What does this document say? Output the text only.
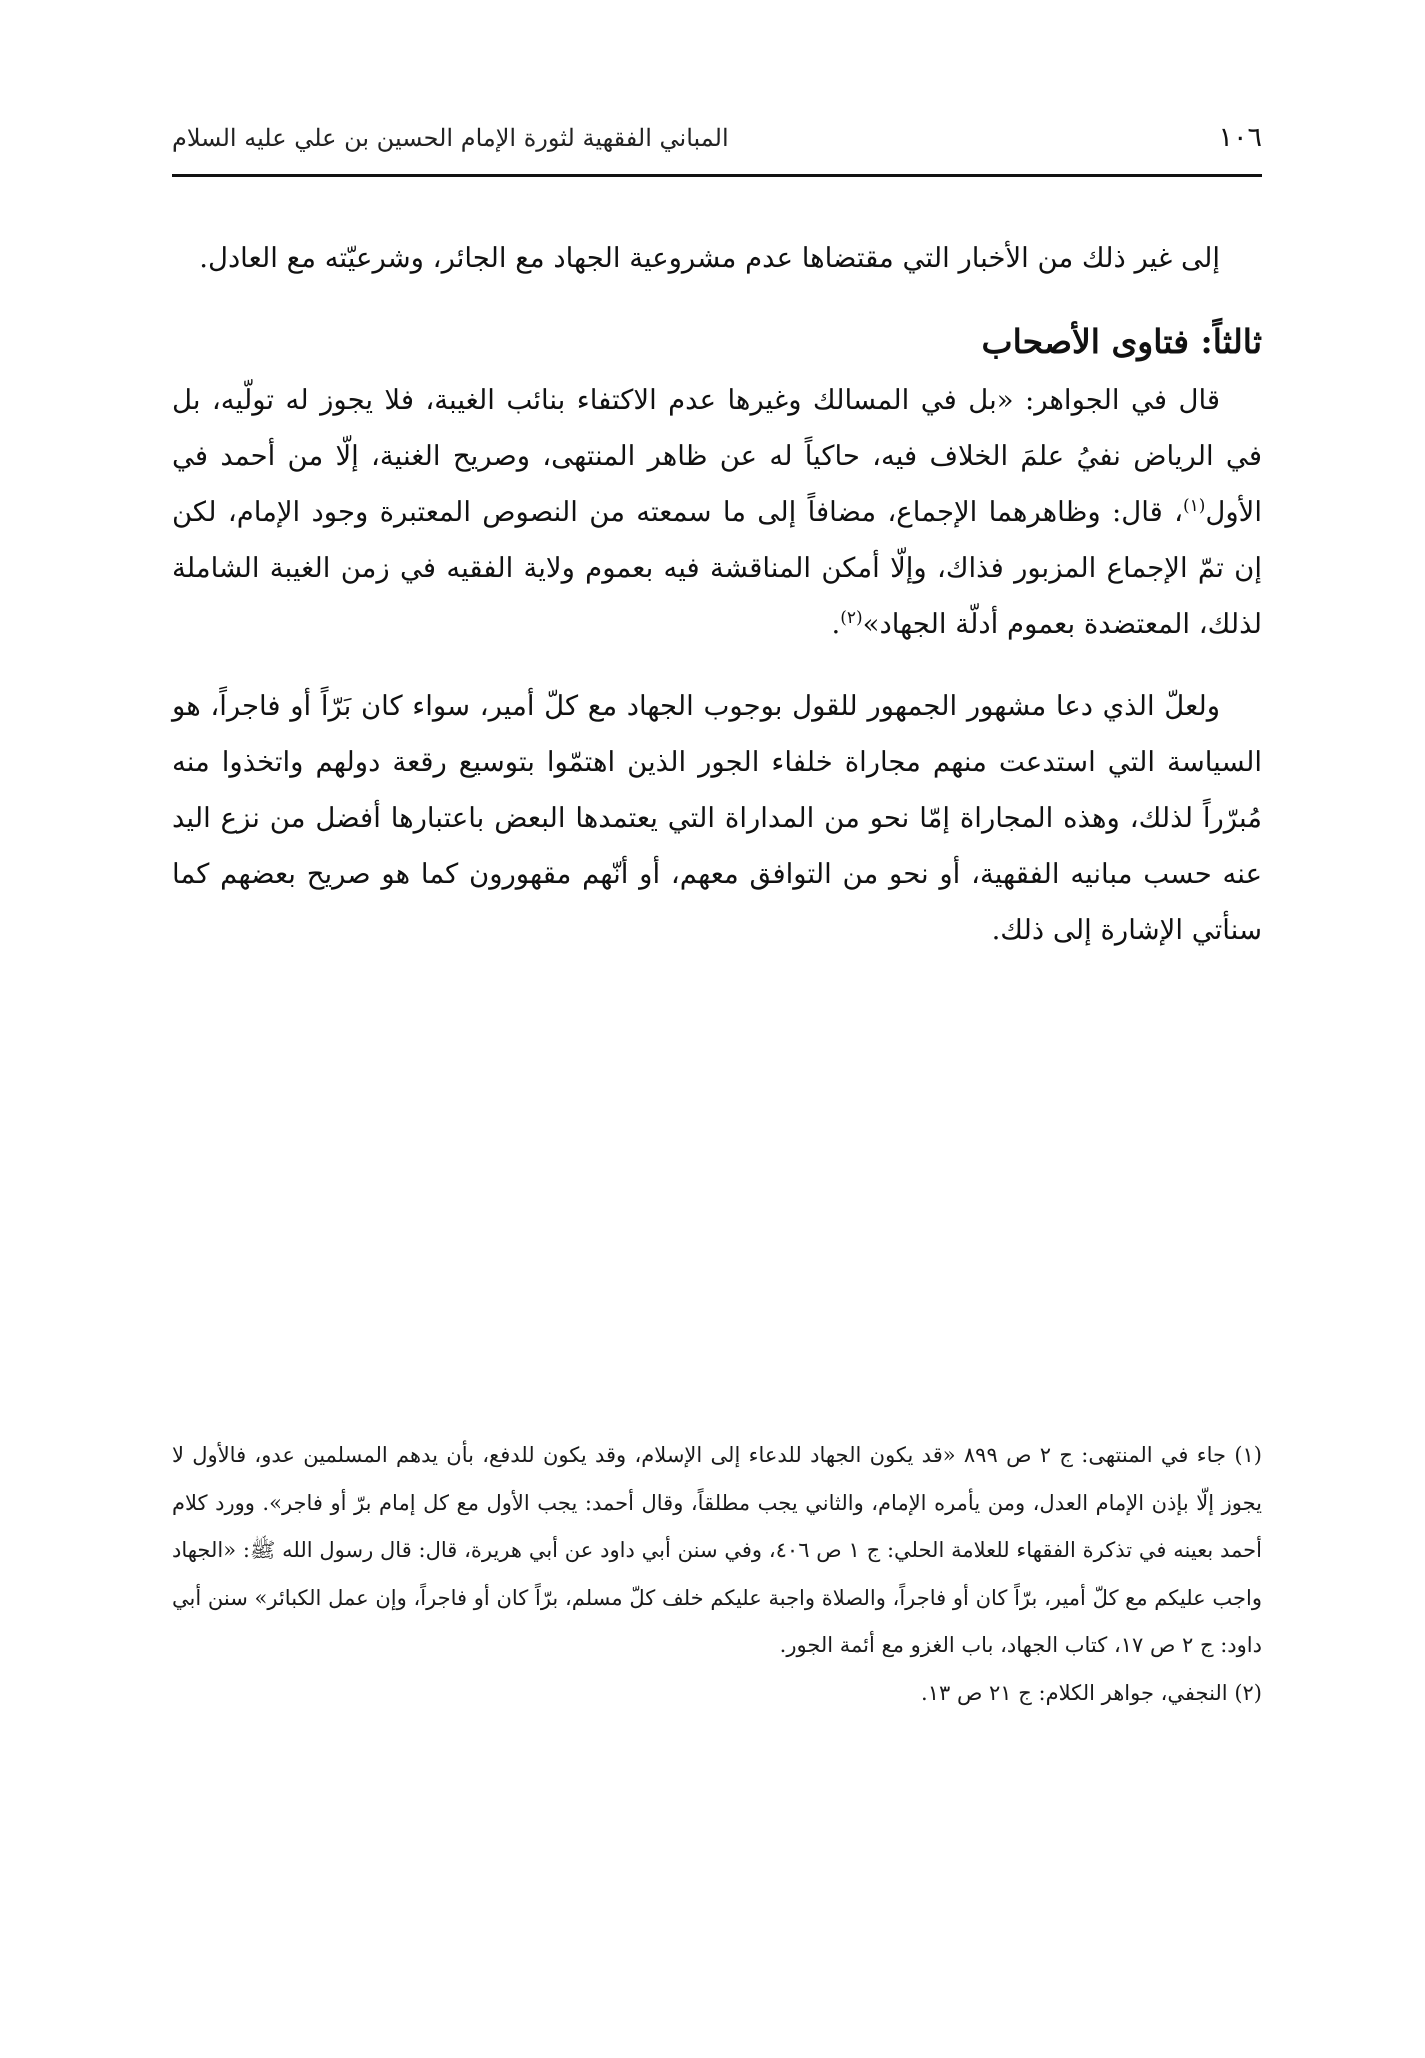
١٠٦
المباني الفقهية لثورة الإمام الحسين بن علي عليه السلام

إلى غير ذلك من الأخبار التي مقتضاها عدم مشروعية الجهاد مع الجائر، وشرعيّته مع العادل.

ثالثاً: فتاوى الأصحاب

قال في الجواهر: «بل في المسالك وغيرها عدم الاكتفاء بنائب الغيبة، فلا يجوز له تولّيه، بل في الرياض نفيُ علمَ الخلاف فيه، حاكياً له عن ظاهر المنتهى، وصريح الغنية، إلّا من أحمد في الأول$^{(١)}$، قال: وظاهرهما الإجماع، مضافاً إلى ما سمعته من النصوص المعتبرة وجود الإمام، لكن إن تمّ الإجماع المزبور فذاك، وإلّا أمكن المناقشة فيه بعموم ولاية الفقيه في زمن الغيبة الشاملة لذلك، المعتضدة بعموم أدلّة الجهاد»$^{(٢)}$.

ولعلّ الذي دعا مشهور الجمهور للقول بوجوب الجهاد مع كلّ أمير، سواء كان بَرّاً أو فاجراً، هو السياسة التي استدعت منهم مجاراة خلفاء الجور الذين اهتمّوا بتوسيع رقعة دولهم واتخذوا منه مُبرّراً لذلك، وهذه المجاراة إمّا نحو من المداراة التي يعتمدها البعض باعتبارها أفضل من نزع اليد عنه حسب مبانيه الفقهية، أو نحو من التوافق معهم، أو أنّهم مقهورون كما هو صريح بعضهم كما سنأتي الإشارة إلى ذلك.

(١) جاء في المنتهى: ج ٢ ص ٨٩٩ «قد يكون الجهاد للدعاء إلى الإسلام، وقد يكون للدفع، بأن يدهم المسلمين عدو، فالأول لا يجوز إلّا بإذن الإمام العدل، ومن يأمره الإمام، والثاني يجب مطلقاً، وقال أحمد: يجب الأول مع كل إمام برّ أو فاجر». وورد كلام أحمد بعينه في تذكرة الفقهاء للعلامة الحلي: ج ١ ص ٤٠٦، وفي سنن أبي داود عن أبي هريرة، قال: قال رسول الله ﷺ: «الجهاد واجب عليكم مع كلّ أمير، برّاً كان أو فاجراً، والصلاة واجبة عليكم خلف كلّ مسلم، برّاً كان أو فاجراً، وإن عمل الكبائر» سنن أبي داود: ج ٢ ص ١٧، كتاب الجهاد، باب الغزو مع أئمة الجور.

(٢) النجفي، جواهر الكلام: ج ٢١ ص ١٣.
